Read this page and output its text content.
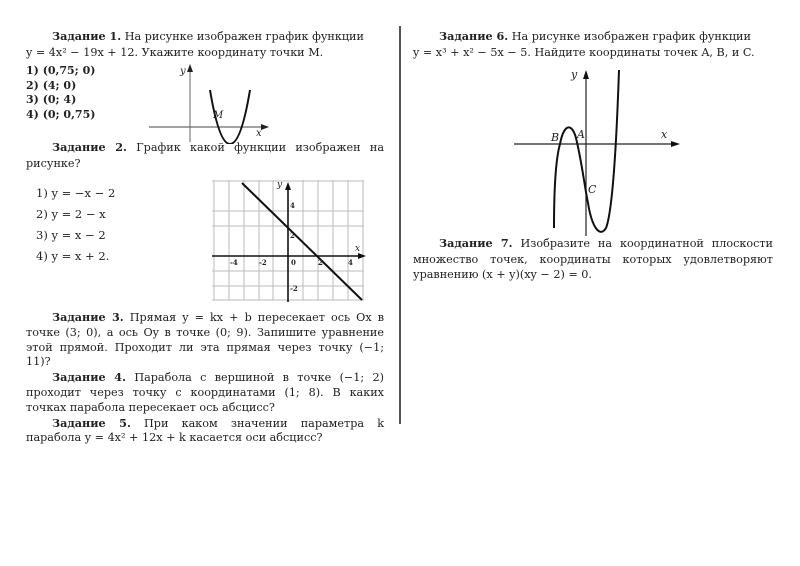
Задание 1. На рисунке изображен график функции
y = 4x² − 19x + 12. Укажите координату точки M.
1) (0,75; 0)
2) (4; 0)
3) (0; 4)
4) (0; 0,75)
y
x
M
Задание 2. График какой функции изображен на рисунке?
1) y = −x − 2
2) y = 2 − x
3) y = x − 2
4) y = x + 2.
y
x
-4	-2	0	2	4
4
2
-2
Задание 3. Прямая y = kx + b пересекает ось Ox в точке (3; 0), а ось Oy в точке (0; 9). Запишите уравнение этой прямой. Проходит ли эта прямая через точку (−1; 11)?
Задание 4. Парабола с вершиной в точке (−1; 2) проходит через точку с координатами (1; 8). В каких точках парабола пересекает ось абсцисс?
Задание 5. При каком значении параметра k парабола y = 4x² + 12x + k касается оси абсцисс?
Задание 6. На рисунке изображен график функции
y = x³ + x² − 5x − 5. Найдите координаты точек A, B, и C.
y
x
A
B
C
Задание 7. Изобразите на координатной плоскости множество точек, координаты которых удовлетворяют уравнению (x + y)(xy − 2) = 0.
